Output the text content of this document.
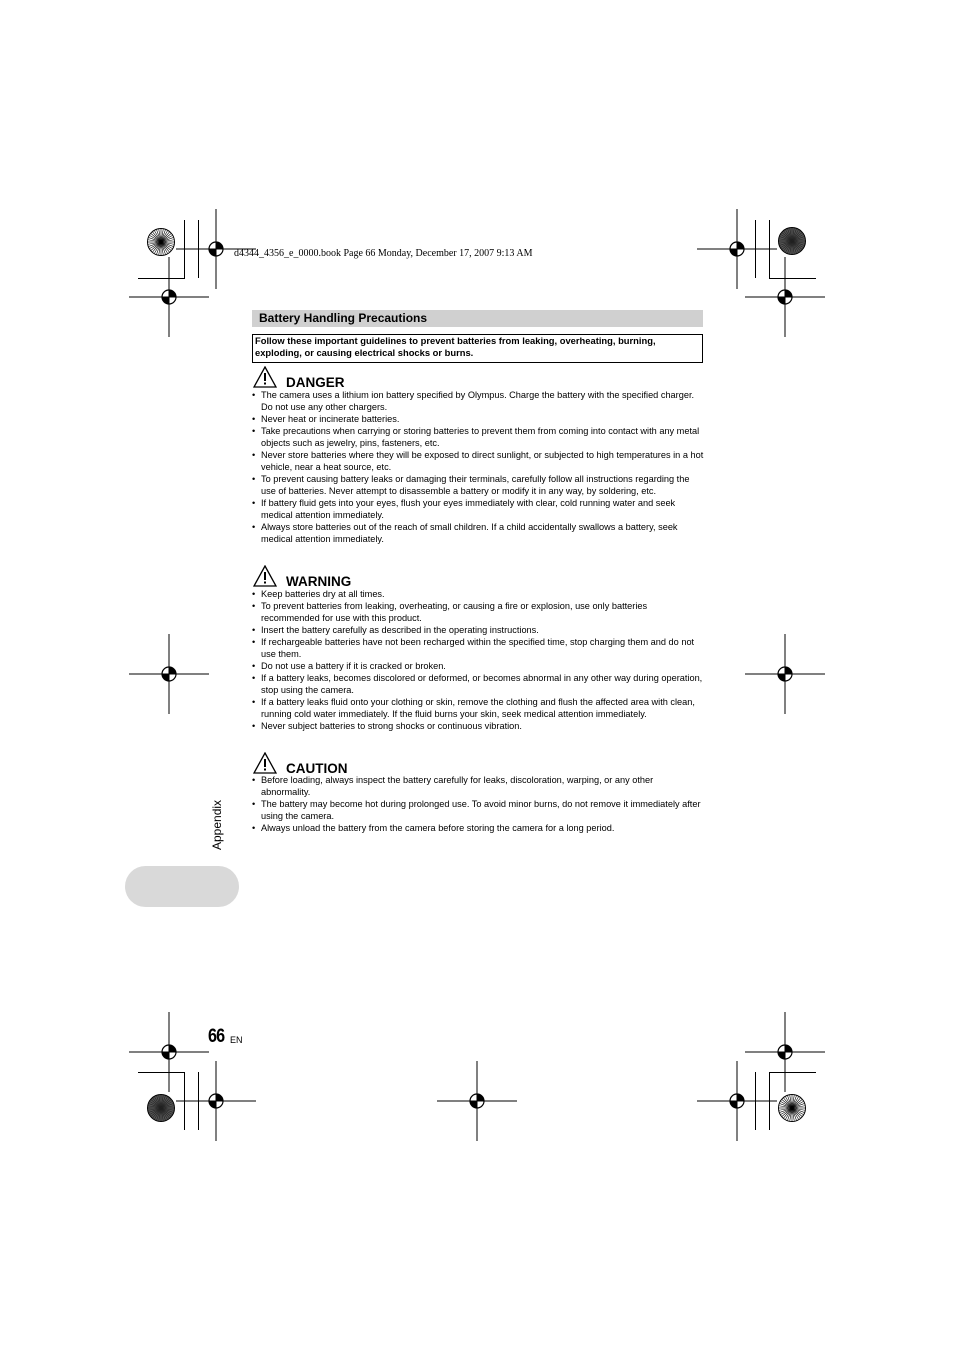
d4344_4356_e_0000.book Page 66 Monday, December 17, 2007 9:13 AM
Battery Handling Precautions
Follow these important guidelines to prevent batteries from leaking, overheating, burning, exploding, or causing electrical shocks or burns.
DANGER
• The camera uses a lithium ion battery specified by Olympus. Charge the battery with the specified charger. Do not use any other chargers.
• Never heat or incinerate batteries.
• Take precautions when carrying or storing batteries to prevent them from coming into contact with any metal objects such as jewelry, pins, fasteners, etc.
• Never store batteries where they will be exposed to direct sunlight, or subjected to high temperatures in a hot vehicle, near a heat source, etc.
• To prevent causing battery leaks or damaging their terminals, carefully follow all instructions regarding the use of batteries. Never attempt to disassemble a battery or modify it in any way, by soldering, etc.
• If battery fluid gets into your eyes, flush your eyes immediately with clear, cold running water and seek medical attention immediately.
• Always store batteries out of the reach of small children. If a child accidentally swallows a battery, seek medical attention immediately.
WARNING
• Keep batteries dry at all times.
• To prevent batteries from leaking, overheating, or causing a fire or explosion, use only batteries recommended for use with this product.
• Insert the battery carefully as described in the operating instructions.
• If rechargeable batteries have not been recharged within the specified time, stop charging them and do not use them.
• Do not use a battery if it is cracked or broken.
• If a battery leaks, becomes discolored or deformed, or becomes abnormal in any other way during operation, stop using the camera.
• If a battery leaks fluid onto your clothing or skin, remove the clothing and flush the affected area with clean, running cold water immediately. If the fluid burns your skin, seek medical attention immediately.
• Never subject batteries to strong shocks or continuous vibration.
CAUTION
• Before loading, always inspect the battery carefully for leaks, discoloration, warping, or any other abnormality.
• The battery may become hot during prolonged use. To avoid minor burns, do not remove it immediately after using the camera.
• Always unload the battery from the camera before storing the camera for a long period.
Appendix
66 EN
